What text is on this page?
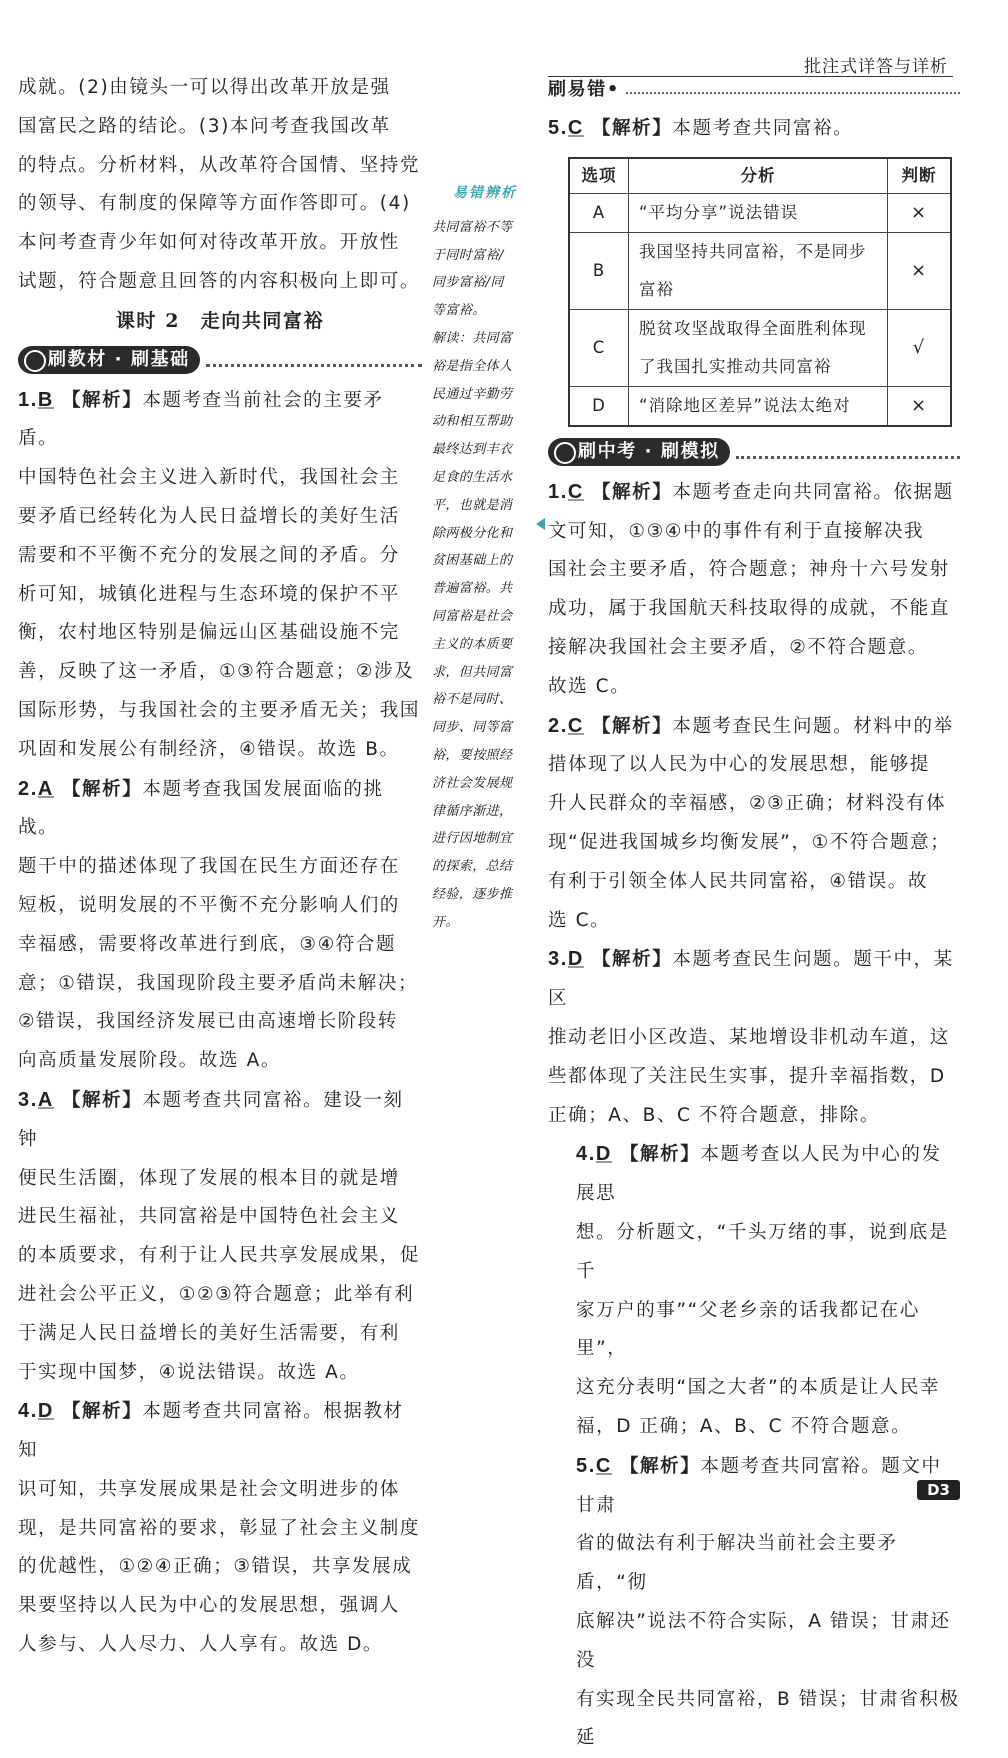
批注式详答与详析

成就。(2)由镜头一可以得出改革开放是强

国富民之路的结论。(3)本问考查我国改革

的特点。分析材料，从改革符合国情、坚持党

的领导、有制度的保障等方面作答即可。(4)

本问考查青少年如何对待改革开放。开放性

试题，符合题意且回答的内容积极向上即可。

课时 2　走向共同富裕

刷教材 · 刷基础

1.B 【解析】本题考查当前社会的主要矛盾。

中国特色社会主义进入新时代，我国社会主

要矛盾已经转化为人民日益增长的美好生活

需要和不平衡不充分的发展之间的矛盾。分

析可知，城镇化进程与生态环境的保护不平

衡，农村地区特别是偏远山区基础设施不完

善，反映了这一矛盾，①③符合题意；②涉及

国际形势，与我国社会的主要矛盾无关；我国

巩固和发展公有制经济，④错误。故选 B。

2.A 【解析】本题考查我国发展面临的挑战。

题干中的描述体现了我国在民生方面还存在

短板，说明发展的不平衡不充分影响人们的

幸福感，需要将改革进行到底，③④符合题

意；①错误，我国现阶段主要矛盾尚未解决；

②错误，我国经济发展已由高速增长阶段转

向高质量发展阶段。故选 A。

3.A 【解析】本题考查共同富裕。建设一刻钟

便民生活圈，体现了发展的根本目的就是增

进民生福祉，共同富裕是中国特色社会主义

的本质要求，有利于让人民共享发展成果，促

进社会公平正义，①②③符合题意；此举有利

于满足人民日益增长的美好生活需要，有利

于实现中国梦，④说法错误。故选 A。

4.D 【解析】本题考查共同富裕。根据教材知

识可知，共享发展成果是社会文明进步的体

现，是共同富裕的要求，彰显了社会主义制度

的优越性，①②④正确；③错误，共享发展成

果要坚持以人民为中心的发展思想，强调人

人参与、人人尽力、人人享有。故选 D。

易错辨析
共同富裕不等
于同时富裕/
同步富裕/同
等富裕。
解读：共同富
裕是指全体人
民通过辛勤劳
动和相互帮助
最终达到丰衣
足食的生活水
平，也就是消
除两极分化和
贫困基础上的
普遍富裕。共
同富裕是社会
主义的本质要
求，但共同富
裕不是同时、
同步、同等富
裕，要按照经
济社会发展规
律循序渐进，
进行因地制宜
的探索，总结
经验，逐步推开。
刷易错 •

5.C 【解析】本题考查共同富裕。

选项	分析	判断
A	“平均分享”说法错误	×
B	我国坚持共同富裕，不是同步富裕	×
C	脱贫攻坚战取得全面胜利体现了我国扎实推动共同富裕	√
D	“消除地区差异”说法太绝对	×
刷中考 · 刷模拟

1.C 【解析】本题考查走向共同富裕。依据题

文可知，①③④中的事件有利于直接解决我

国社会主要矛盾，符合题意；神舟十六号发射

成功，属于我国航天科技取得的成就，不能直

接解决我国社会主要矛盾，②不符合题意。

故选 C。

2.C 【解析】本题考查民生问题。材料中的举

措体现了以人民为中心的发展思想，能够提

升人民群众的幸福感，②③正确；材料没有体

现“促进我国城乡均衡发展”，①不符合题意；

有利于引领全体人民共同富裕，④错误。故

选 C。

3.D 【解析】本题考查民生问题。题干中，某区

推动老旧小区改造、某地增设非机动车道，这

些都体现了关注民生实事，提升幸福指数，D

正确；A、B、C 不符合题意，排除。

4.D 【解析】本题考查以人民为中心的发展思

想。分析题文，“千头万绪的事，说到底是千

家万户的事”“父老乡亲的话我都记在心里”，

这充分表明“国之大者”的本质是让人民幸

福，D 正确；A、B、C 不符合题意。

5.C 【解析】本题考查共同富裕。题文中甘肃

省的做法有利于解决当前社会主要矛盾，“彻

底解决”说法不符合实际，A 错误；甘肃还没

有实现全民共同富裕，B 错误；甘肃省积极延

D3
